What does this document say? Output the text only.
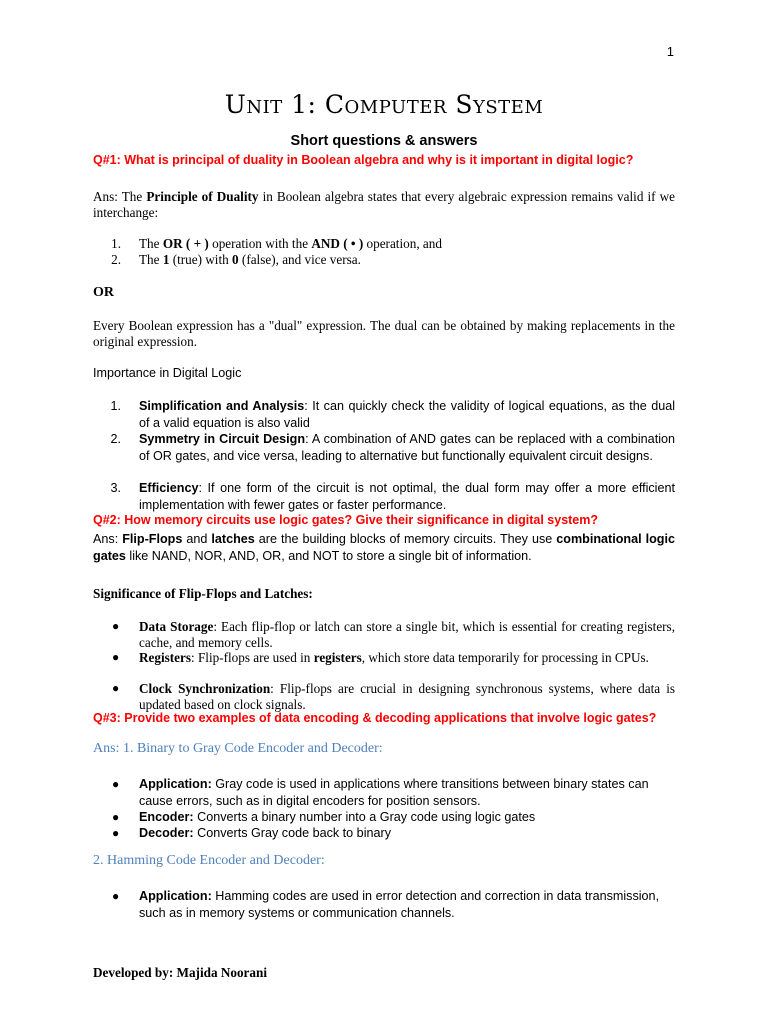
1
Unit 1: Computer System
Short questions & answers
Q#1: What is principal of duality in Boolean algebra and why is it important in digital logic?
Ans: The Principle of Duality in Boolean algebra states that every algebraic expression remains valid if we interchange:
1. The OR ( + ) operation with the AND ( • ) operation, and
2. The 1 (true) with 0 (false), and vice versa.
OR
Every Boolean expression has a "dual" expression. The dual can be obtained by making replacements in the original expression.
Importance in Digital Logic
1. Simplification and Analysis: It can quickly check the validity of logical equations, as the dual of a valid equation is also valid
2. Symmetry in Circuit Design: A combination of AND gates can be replaced with a combination of OR gates, and vice versa, leading to alternative but functionally equivalent circuit designs.
3. Efficiency: If one form of the circuit is not optimal, the dual form may offer a more efficient implementation with fewer gates or faster performance.
Q#2: How memory circuits use logic gates? Give their significance in digital system?
Ans: Flip-Flops and latches are the building blocks of memory circuits. They use combinational logic gates like NAND, NOR, AND, OR, and NOT to store a single bit of information.
Significance of Flip-Flops and Latches:
● Data Storage: Each flip-flop or latch can store a single bit, which is essential for creating registers, cache, and memory cells.
● Registers: Flip-flops are used in registers, which store data temporarily for processing in CPUs.
● Clock Synchronization: Flip-flops are crucial in designing synchronous systems, where data is updated based on clock signals.
Q#3: Provide two examples of data encoding & decoding applications that involve logic gates?
Ans: 1. Binary to Gray Code Encoder and Decoder:
● Application: Gray code is used in applications where transitions between binary states can cause errors, such as in digital encoders for position sensors.
● Encoder: Converts a binary number into a Gray code using logic gates
● Decoder: Converts Gray code back to binary
2. Hamming Code Encoder and Decoder:
● Application: Hamming codes are used in error detection and correction in data transmission, such as in memory systems or communication channels.
Developed by: Majida Noorani
